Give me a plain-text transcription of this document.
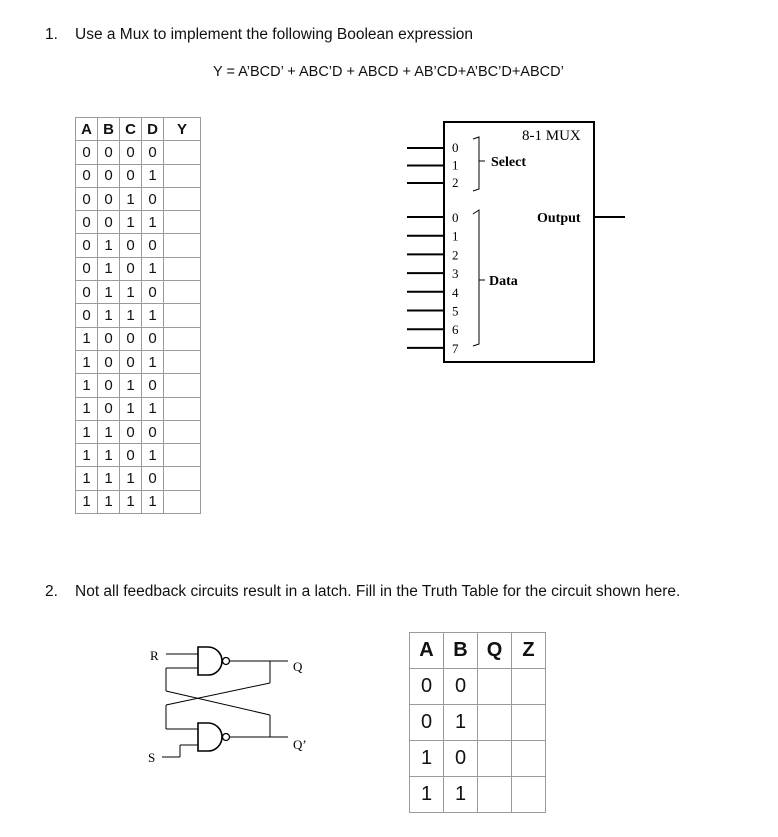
1. Use a Mux to implement the following Boolean expression
Y = A’BCD’ + ABC’D + ABCD + AB’CD+A’BC’D+ABCD’
A	B	C	D	Y
0	0	0	0	
0	0	0	1	
0	0	1	0	
0	0	1	1	
0	1	0	0	
0	1	0	1	
0	1	1	0	
0	1	1	1	
1	0	0	0	
1	0	0	1	
1	0	1	0	
1	0	1	1	
1	1	0	0	
1	1	0	1	
1	1	1	0	
1	1	1	1	
8-1 MUX
Select
Data
Output
0
1
2
0
1
2
3
4
5
6
7
2. Not all feedback circuits result in a latch. Fill in the Truth Table for the circuit shown here.
R
S
Q
Q’
A	B	Q	Z
0	0		
0	1		
1	0		
1	1		
